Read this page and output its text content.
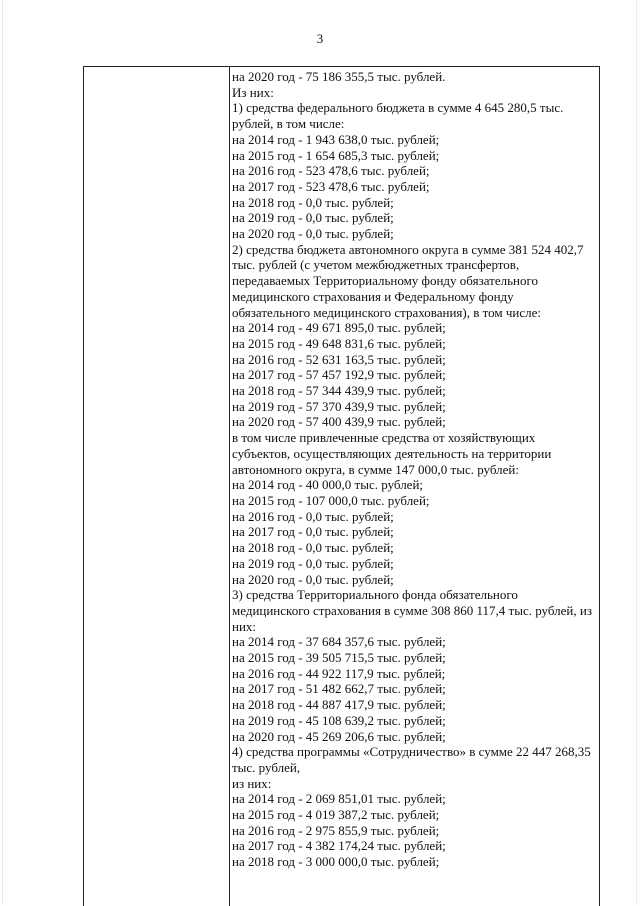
3

на 2020 год - 75 186 355,5 тыс. рублей.

Из них:

1) средства федерального бюджета в сумме 4 645 280,5 тыс.

рублей, в том числе:

на 2014 год - 1 943 638,0 тыс. рублей;

на 2015 год - 1 654 685,3 тыс. рублей;

на 2016 год - 523 478,6 тыс. рублей;

на 2017 год - 523 478,6 тыс. рублей;

на 2018 год - 0,0 тыс. рублей;

на 2019 год - 0,0 тыс. рублей;

на 2020 год - 0,0 тыс. рублей;

2) средства бюджета автономного округа в сумме 381 524 402,7

тыс. рублей (с учетом межбюджетных трансфертов,

передаваемых Территориальному фонду обязательного

медицинского страхования и Федеральному фонду

обязательного медицинского страхования), в том числе:

на 2014 год - 49 671 895,0 тыс. рублей;

на 2015 год - 49 648 831,6 тыс. рублей;

на 2016 год - 52 631 163,5 тыс. рублей;

на 2017 год - 57 457 192,9 тыс. рублей;

на 2018 год - 57 344 439,9 тыс. рублей;

на 2019 год - 57 370 439,9 тыс. рублей;

на 2020 год - 57 400 439,9 тыс. рублей;

в том числе привлеченные средства от хозяйствующих

субъектов, осуществляющих деятельность на территории

автономного округа, в сумме 147 000,0 тыс. рублей:

на 2014 год - 40 000,0 тыс. рублей;

на 2015 год - 107 000,0 тыс. рублей;

на 2016 год - 0,0 тыс. рублей;

на 2017 год - 0,0 тыс. рублей;

на 2018 год - 0,0 тыс. рублей;

на 2019 год - 0,0 тыс. рублей;

на 2020 год - 0,0 тыс. рублей;

3) средства Территориального фонда обязательного

медицинского страхования в сумме 308 860 117,4 тыс. рублей, из

них:

на 2014 год - 37 684 357,6 тыс. рублей;

на 2015 год - 39 505 715,5 тыс. рублей;

на 2016 год - 44 922 117,9 тыс. рублей;

на 2017 год - 51 482 662,7 тыс. рублей;

на 2018 год - 44 887 417,9 тыс. рублей;

на 2019 год - 45 108 639,2 тыс. рублей;

на 2020 год - 45 269 206,6 тыс. рублей;

4) средства программы «Сотрудничество» в сумме 22 447 268,35

тыс. рублей,

из них:

на 2014 год - 2 069 851,01 тыс. рублей;

на 2015 год - 4 019 387,2 тыс. рублей;

на 2016 год - 2 975 855,9 тыс. рублей;

на 2017 год - 4 382 174,24 тыс. рублей;

на 2018 год - 3 000 000,0 тыс. рублей;
